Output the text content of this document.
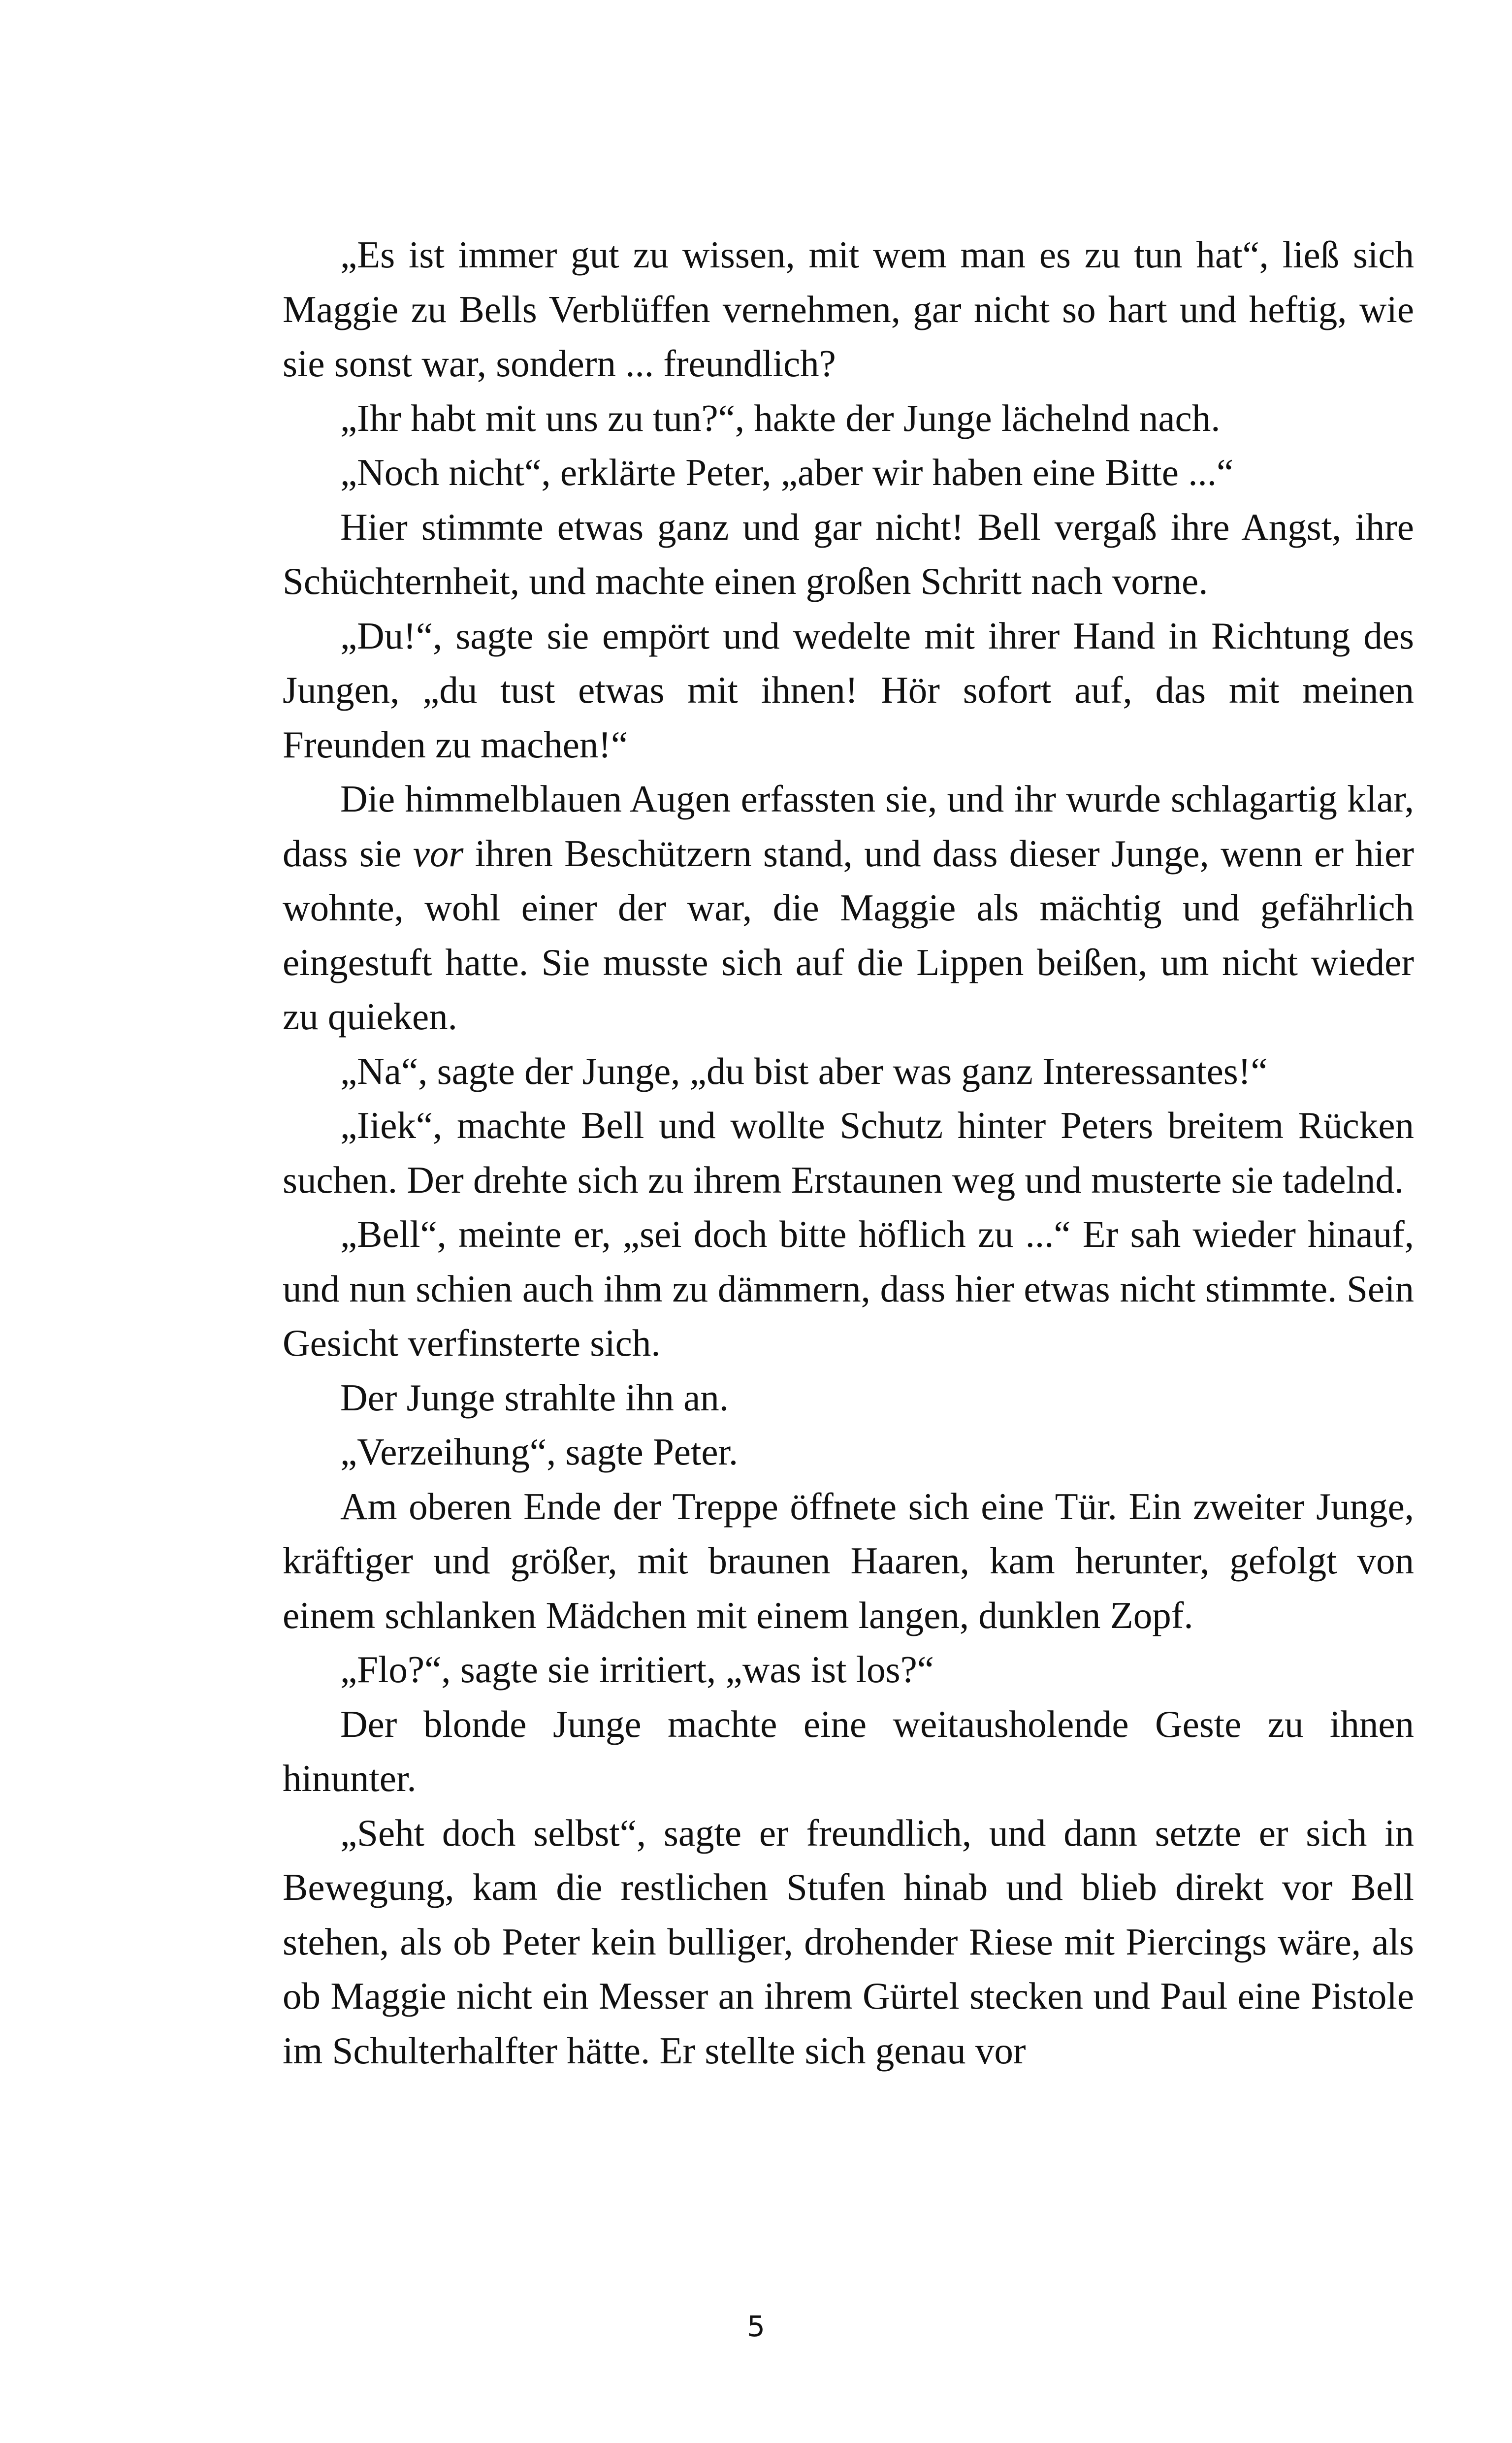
„Es ist immer gut zu wissen, mit wem man es zu tun hat“, ließ sich Maggie zu Bells Verblüffen vernehmen, gar nicht so hart und heftig, wie sie sonst war, sondern ... freundlich?

„Ihr habt mit uns zu tun?“, hakte der Junge lächelnd nach.

„Noch nicht“, erklärte Peter, „aber wir haben eine Bitte ...“

Hier stimmte etwas ganz und gar nicht! Bell vergaß ihre Angst, ihre Schüchternheit, und machte einen großen Schritt nach vorne.

„Du!“, sagte sie empört und wedelte mit ihrer Hand in Richtung des Jungen, „du tust etwas mit ihnen! Hör sofort auf, das mit meinen Freunden zu machen!“

Die himmelblauen Augen erfassten sie, und ihr wurde schlagartig klar, dass sie vor ihren Beschützern stand, und dass dieser Junge, wenn er hier wohnte, wohl einer der war, die Maggie als mächtig und gefährlich eingestuft hatte. Sie musste sich auf die Lippen beißen, um nicht wieder zu quieken.

„Na“, sagte der Junge, „du bist aber was ganz Interessantes!“

„Iiek“, machte Bell und wollte Schutz hinter Peters breitem Rücken suchen. Der drehte sich zu ihrem Erstaunen weg und musterte sie tadelnd.

„Bell“, meinte er, „sei doch bitte höflich zu ...“ Er sah wieder hinauf, und nun schien auch ihm zu dämmern, dass hier etwas nicht stimmte. Sein Gesicht verfinsterte sich.

Der Junge strahlte ihn an.

„Verzeihung“, sagte Peter.

Am oberen Ende der Treppe öffnete sich eine Tür. Ein zweiter Junge, kräftiger und größer, mit braunen Haaren, kam herunter, gefolgt von einem schlanken Mädchen mit einem langen, dunklen Zopf.

„Flo?“, sagte sie irritiert, „was ist los?“

Der blonde Junge machte eine weitausholende Geste zu ihnen hinunter.

„Seht doch selbst“, sagte er freundlich, und dann setzte er sich in Bewegung, kam die restlichen Stufen hinab und blieb direkt vor Bell stehen, als ob Peter kein bulliger, drohender Riese mit Piercings wäre, als ob Maggie nicht ein Messer an ihrem Gürtel stecken und Paul eine Pistole im Schulterhalfter hätte. Er stellte sich genau vor

5
